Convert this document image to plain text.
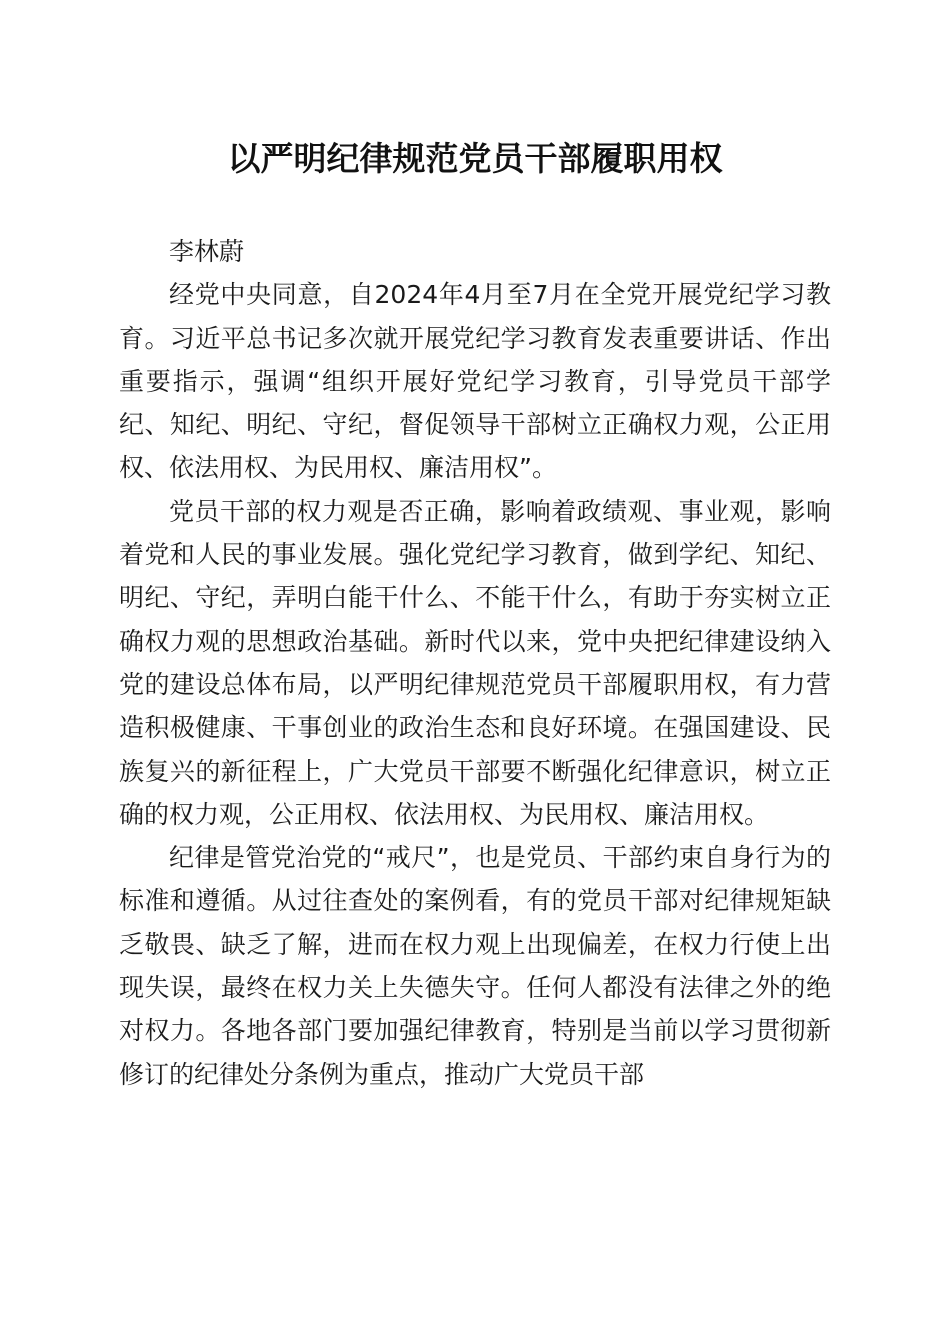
以严明纪律规范党员干部履职用权

李林蔚

经党中央同意，自2024年4月至7月在全党开展党纪学习教育。习近平总书记多次就开展党纪学习教育发表重要讲话、作出重要指示，强调“组织开展好党纪学习教育，引导党员干部学纪、知纪、明纪、守纪，督促领导干部树立正确权力观，公正用权、依法用权、为民用权、廉洁用权”。

党员干部的权力观是否正确，影响着政绩观、事业观，影响着党和人民的事业发展。强化党纪学习教育，做到学纪、知纪、明纪、守纪，弄明白能干什么、不能干什么，有助于夯实树立正确权力观的思想政治基础。新时代以来，党中央把纪律建设纳入党的建设总体布局，以严明纪律规范党员干部履职用权，有力营造积极健康、干事创业的政治生态和良好环境。在强国建设、民族复兴的新征程上，广大党员干部要不断强化纪律意识，树立正确的权力观，公正用权、依法用权、为民用权、廉洁用权。

纪律是管党治党的“戒尺”，也是党员、干部约束自身行为的标准和遵循。从过往查处的案例看，有的党员干部对纪律规矩缺乏敬畏、缺乏了解，进而在权力观上出现偏差，在权力行使上出现失误，最终在权力关上失德失守。任何人都没有法律之外的绝对权力。各地各部门要加强纪律教育，特别是当前以学习贯彻新修订的纪律处分条例为重点，推动广大党员干部
